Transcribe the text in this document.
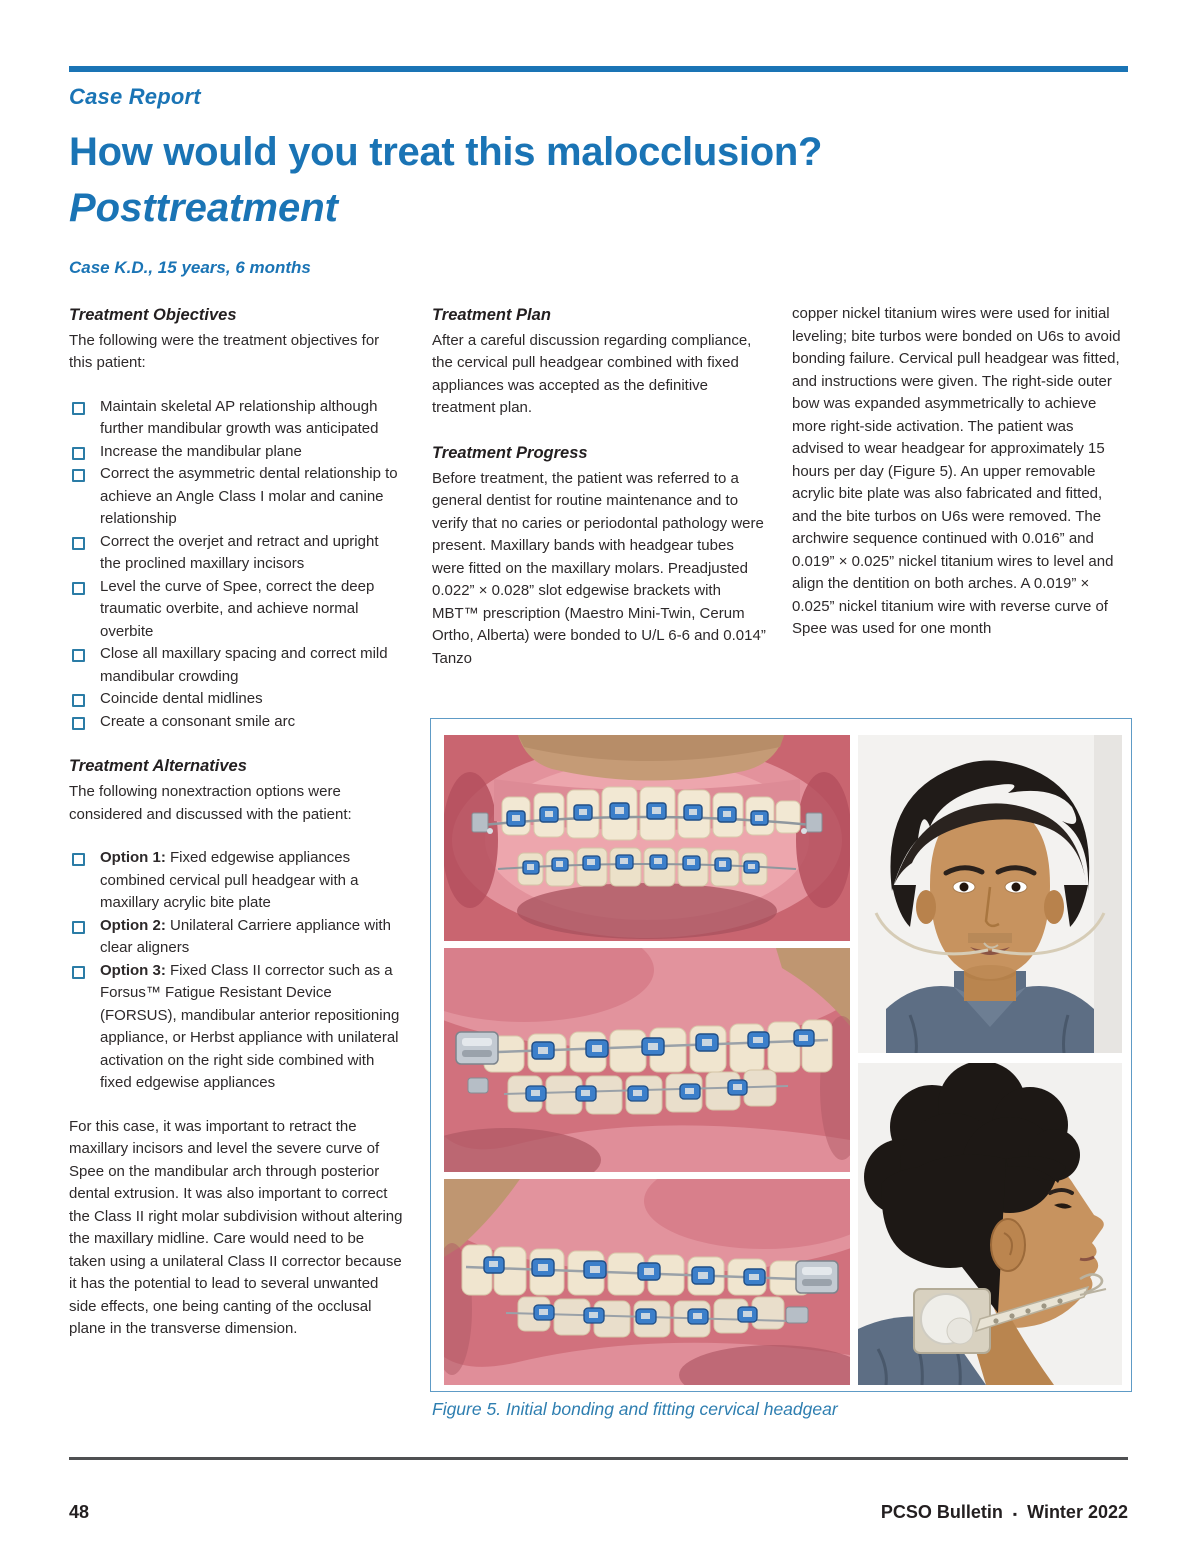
Case Report
How would you treat this malocclusion?
Posttreatment
Case K.D., 15 years, 6 months
Treatment Objectives

The following were the treatment objectives for this patient:

Maintain skeletal AP relationship although further mandibular growth was anticipated
Increase the mandibular plane
Correct the asymmetric dental relationship to achieve an Angle Class I molar and canine relationship
Correct the overjet and retract and upright the proclined maxillary incisors
Level the curve of Spee, correct the deep traumatic overbite, and achieve normal overbite
Close all maxillary spacing and correct mild mandibular crowding
Coincide dental midlines
Create a consonant smile arc
Treatment Alternatives

The following nonextraction options were considered and discussed with the patient:

Option 1: Fixed edgewise appliances combined cervical pull headgear with a maxillary acrylic bite plate
Option 2: Unilateral Carriere appliance with clear aligners
Option 3: Fixed Class II corrector such as a Forsus™ Fatigue Resistant Device (FORSUS), mandibular anterior repositioning appliance, or Herbst appliance with unilateral activation on the right side combined with fixed edgewise appliances

For this case, it was important to retract the maxillary incisors and level the severe curve of Spee on the mandibular arch through posterior dental extrusion. It was also important to correct the Class II right molar subdivision without altering the maxillary midline. Care would need to be taken using a unilateral Class II corrector because it has the potential to lead to several unwanted side effects, one being canting of the occlusal plane in the transverse dimension.

Treatment Plan

After a careful discussion regarding compliance, the cervical pull headgear combined with fixed appliances was accepted as the definitive treatment plan.

Treatment Progress

Before treatment, the patient was referred to a general dentist for routine maintenance and to verify that no caries or periodontal pathology were present. Maxillary bands with headgear tubes were fitted on the maxillary molars. Preadjusted 0.022” × 0.028” slot edgewise brackets with MBT™ prescription (Maestro Mini-Twin, Cerum Ortho, Alberta) were bonded to U/L 6-6 and 0.014” Tanzo

copper nickel titanium wires were used for initial leveling; bite turbos were bonded on U6s to avoid bonding failure. Cervical pull headgear was fitted, and instructions were given. The right-side outer bow was expanded asymmetrically to achieve more right-side activation. The patient was advised to wear headgear for approximately 15 hours per day (Figure 5). An upper removable acrylic bite plate was also fabricated and fitted, and the bite turbos on U6s were removed. The archwire sequence continued with 0.016” and 0.019” × 0.025” nickel titanium wires to level and align the dentition on both arches. A 0.019” × 0.025” nickel titanium wire with reverse curve of Spee was used for one month

Figure 5. Initial bonding and fitting cervical headgear
48	PCSO Bulletin ▪ Winter 2022
